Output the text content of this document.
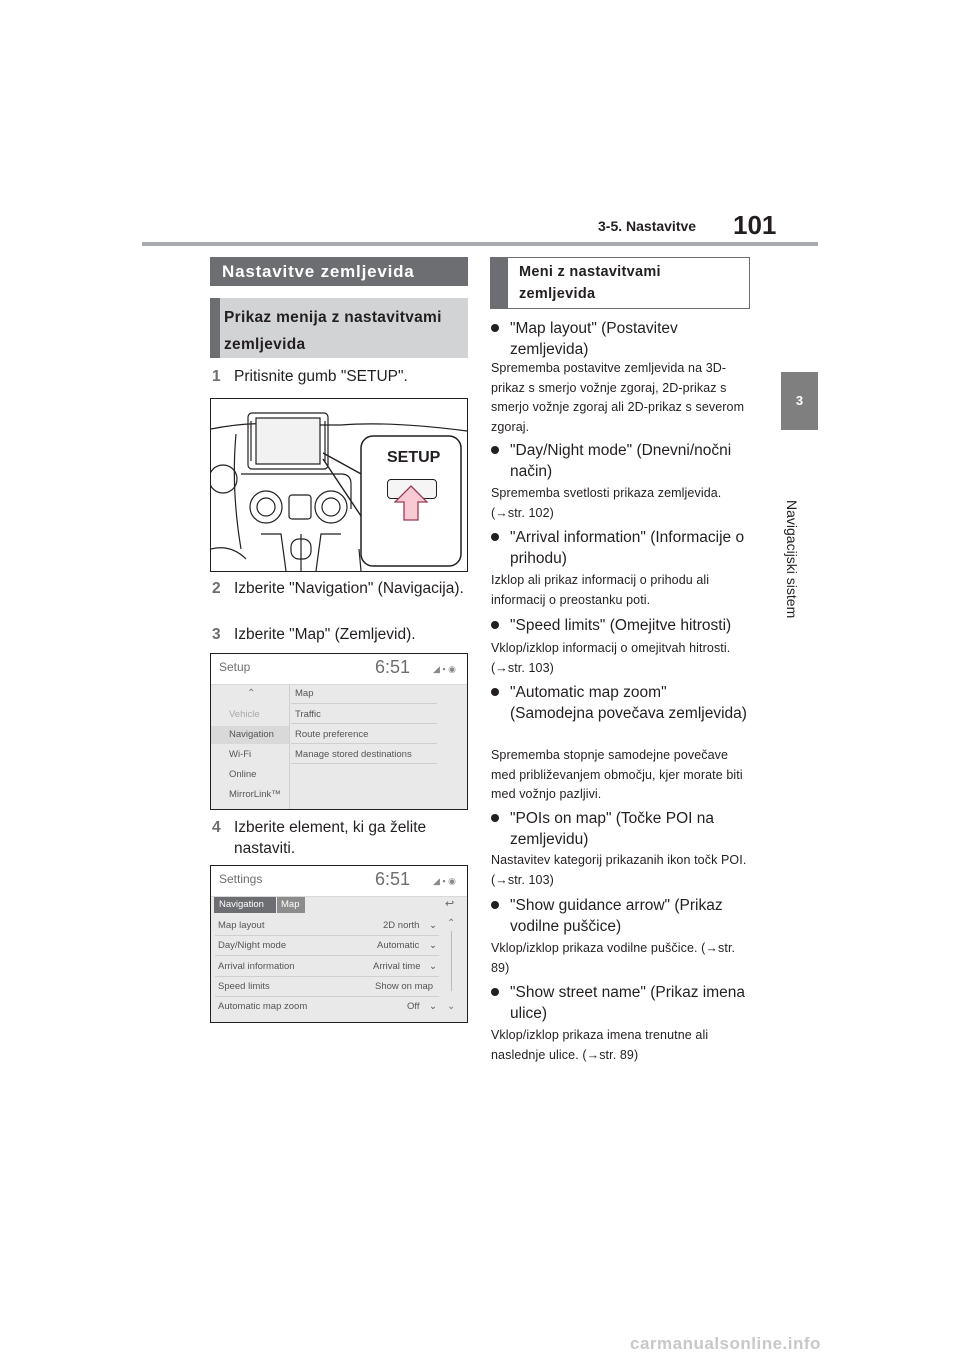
3-5. Nastavitve 101
3
Navigacijski sistem
Nastavitve zemljevida
Prikaz menija z nastavitvami zemljevida
1 Pritisnite gumb "SETUP".
SETUP
2 Izberite "Navigation" (Navigacija).
3 Izberite "Map" (Zemljevid).
Setup	6:51	◢ ▪ ◉
⌃
Vehicle
Navigation
Wi-Fi
Online
MirrorLink™
Map
Traffic
Route preference
Manage stored destinations
4 Izberite element, ki ga želite nastaviti.
Settings	6:51	◢ ▪ ◉
Navigation Map	↩
⌃
⌄
Map layout	2D north ⌄
Day/Night mode	Automatic ⌄
Arrival information	Arrival time ⌄
Speed limits	Show on map
Automatic map zoom	Off ⌄
Meni z nastavitvami zemljevida
"Map layout" (Postavitev zemljevida)
Sprememba postavitve zemljevida na 3D-prikaz s smerjo vožnje zgoraj, 2D-prikaz s smerjo vožnje zgoraj ali 2D-prikaz s severom zgoraj.
"Day/Night mode" (Dnevni/nočni način)
Sprememba svetlosti prikaza zemljevida. (→str. 102)
"Arrival information" (Informacije o prihodu)
Izklop ali prikaz informacij o prihodu ali informacij o preostanku poti.
"Speed limits" (Omejitve hitrosti)
Vklop/izklop informacij o omejitvah hitrosti. (→str. 103)
"Automatic map zoom" (Samodejna povečava zemljevida)
Sprememba stopnje samodejne povečave med približevanjem območju, kjer morate biti med vožnjo pazljivi.
"POIs on map" (Točke POI na zemljevidu)
Nastavitev kategorij prikazanih ikon točk POI. (→str. 103)
"Show guidance arrow" (Prikaz vodilne puščice)
Vklop/izklop prikaza vodilne puščice. (→str. 89)
"Show street name" (Prikaz imena ulice)
Vklop/izklop prikaza imena trenutne ali naslednje ulice. (→str. 89)
carmanualsonline.info
